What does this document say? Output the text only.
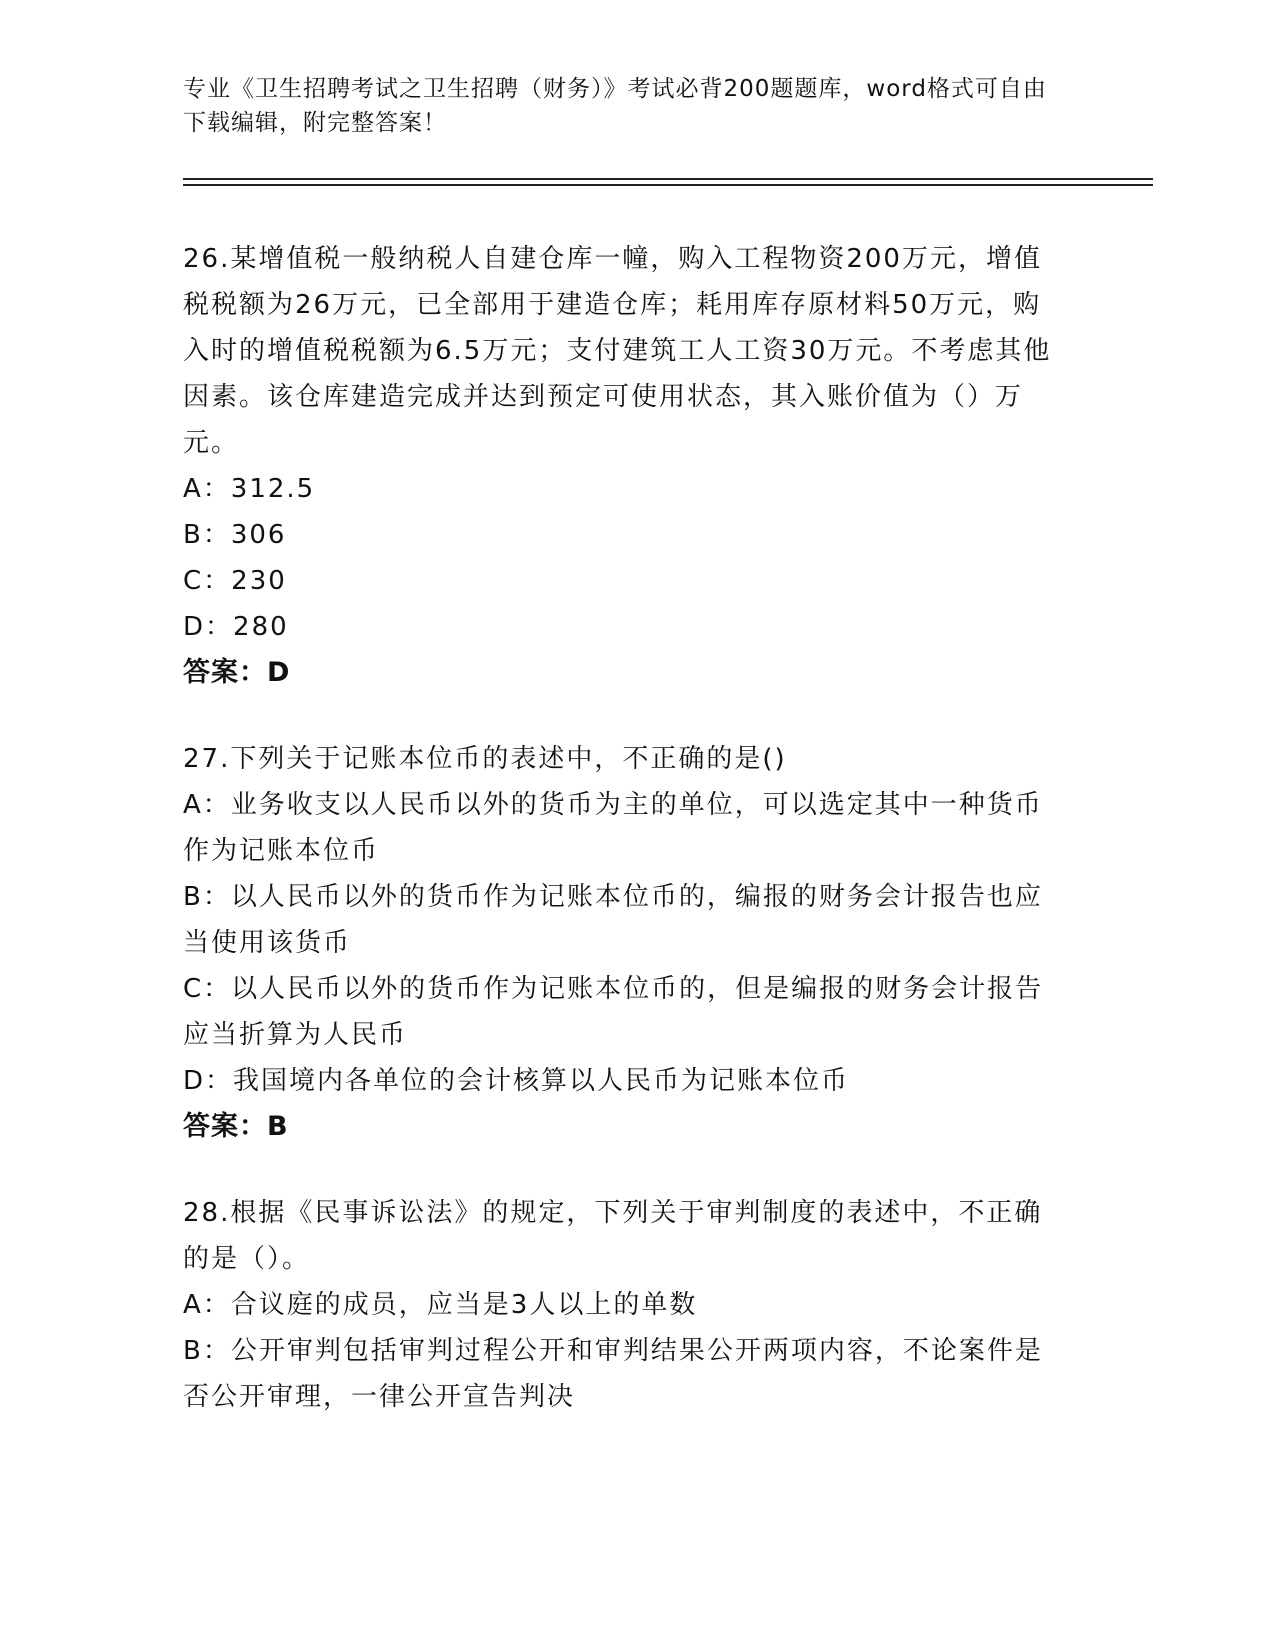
专业《卫生招聘考试之卫生招聘（财务）》考试必背200题题库，word格式可自由下载编辑，附完整答案！

26.某增值税一般纳税人自建仓库一幢，购入工程物资200万元，增值税税额为26万元，已全部用于建造仓库；耗用库存原材料50万元，购入时的增值税税额为6.5万元；支付建筑工人工资30万元。不考虑其他因素。该仓库建造完成并达到预定可使用状态，其入账价值为（）万元。

A：312.5

B：306

C：230

D：280

答案：D

27.下列关于记账本位币的表述中，不正确的是()

A：业务收支以人民币以外的货币为主的单位，可以选定其中一种货币作为记账本位币

B：以人民币以外的货币作为记账本位币的，编报的财务会计报告也应当使用该货币

C：以人民币以外的货币作为记账本位币的，但是编报的财务会计报告应当折算为人民币

D：我国境内各单位的会计核算以人民币为记账本位币

答案：B

28.根据《民事诉讼法》的规定，下列关于审判制度的表述中，不正确的是（）。

A：合议庭的成员，应当是3人以上的单数

B：公开审判包括审判过程公开和审判结果公开两项内容，不论案件是否公开审理，一律公开宣告判决
